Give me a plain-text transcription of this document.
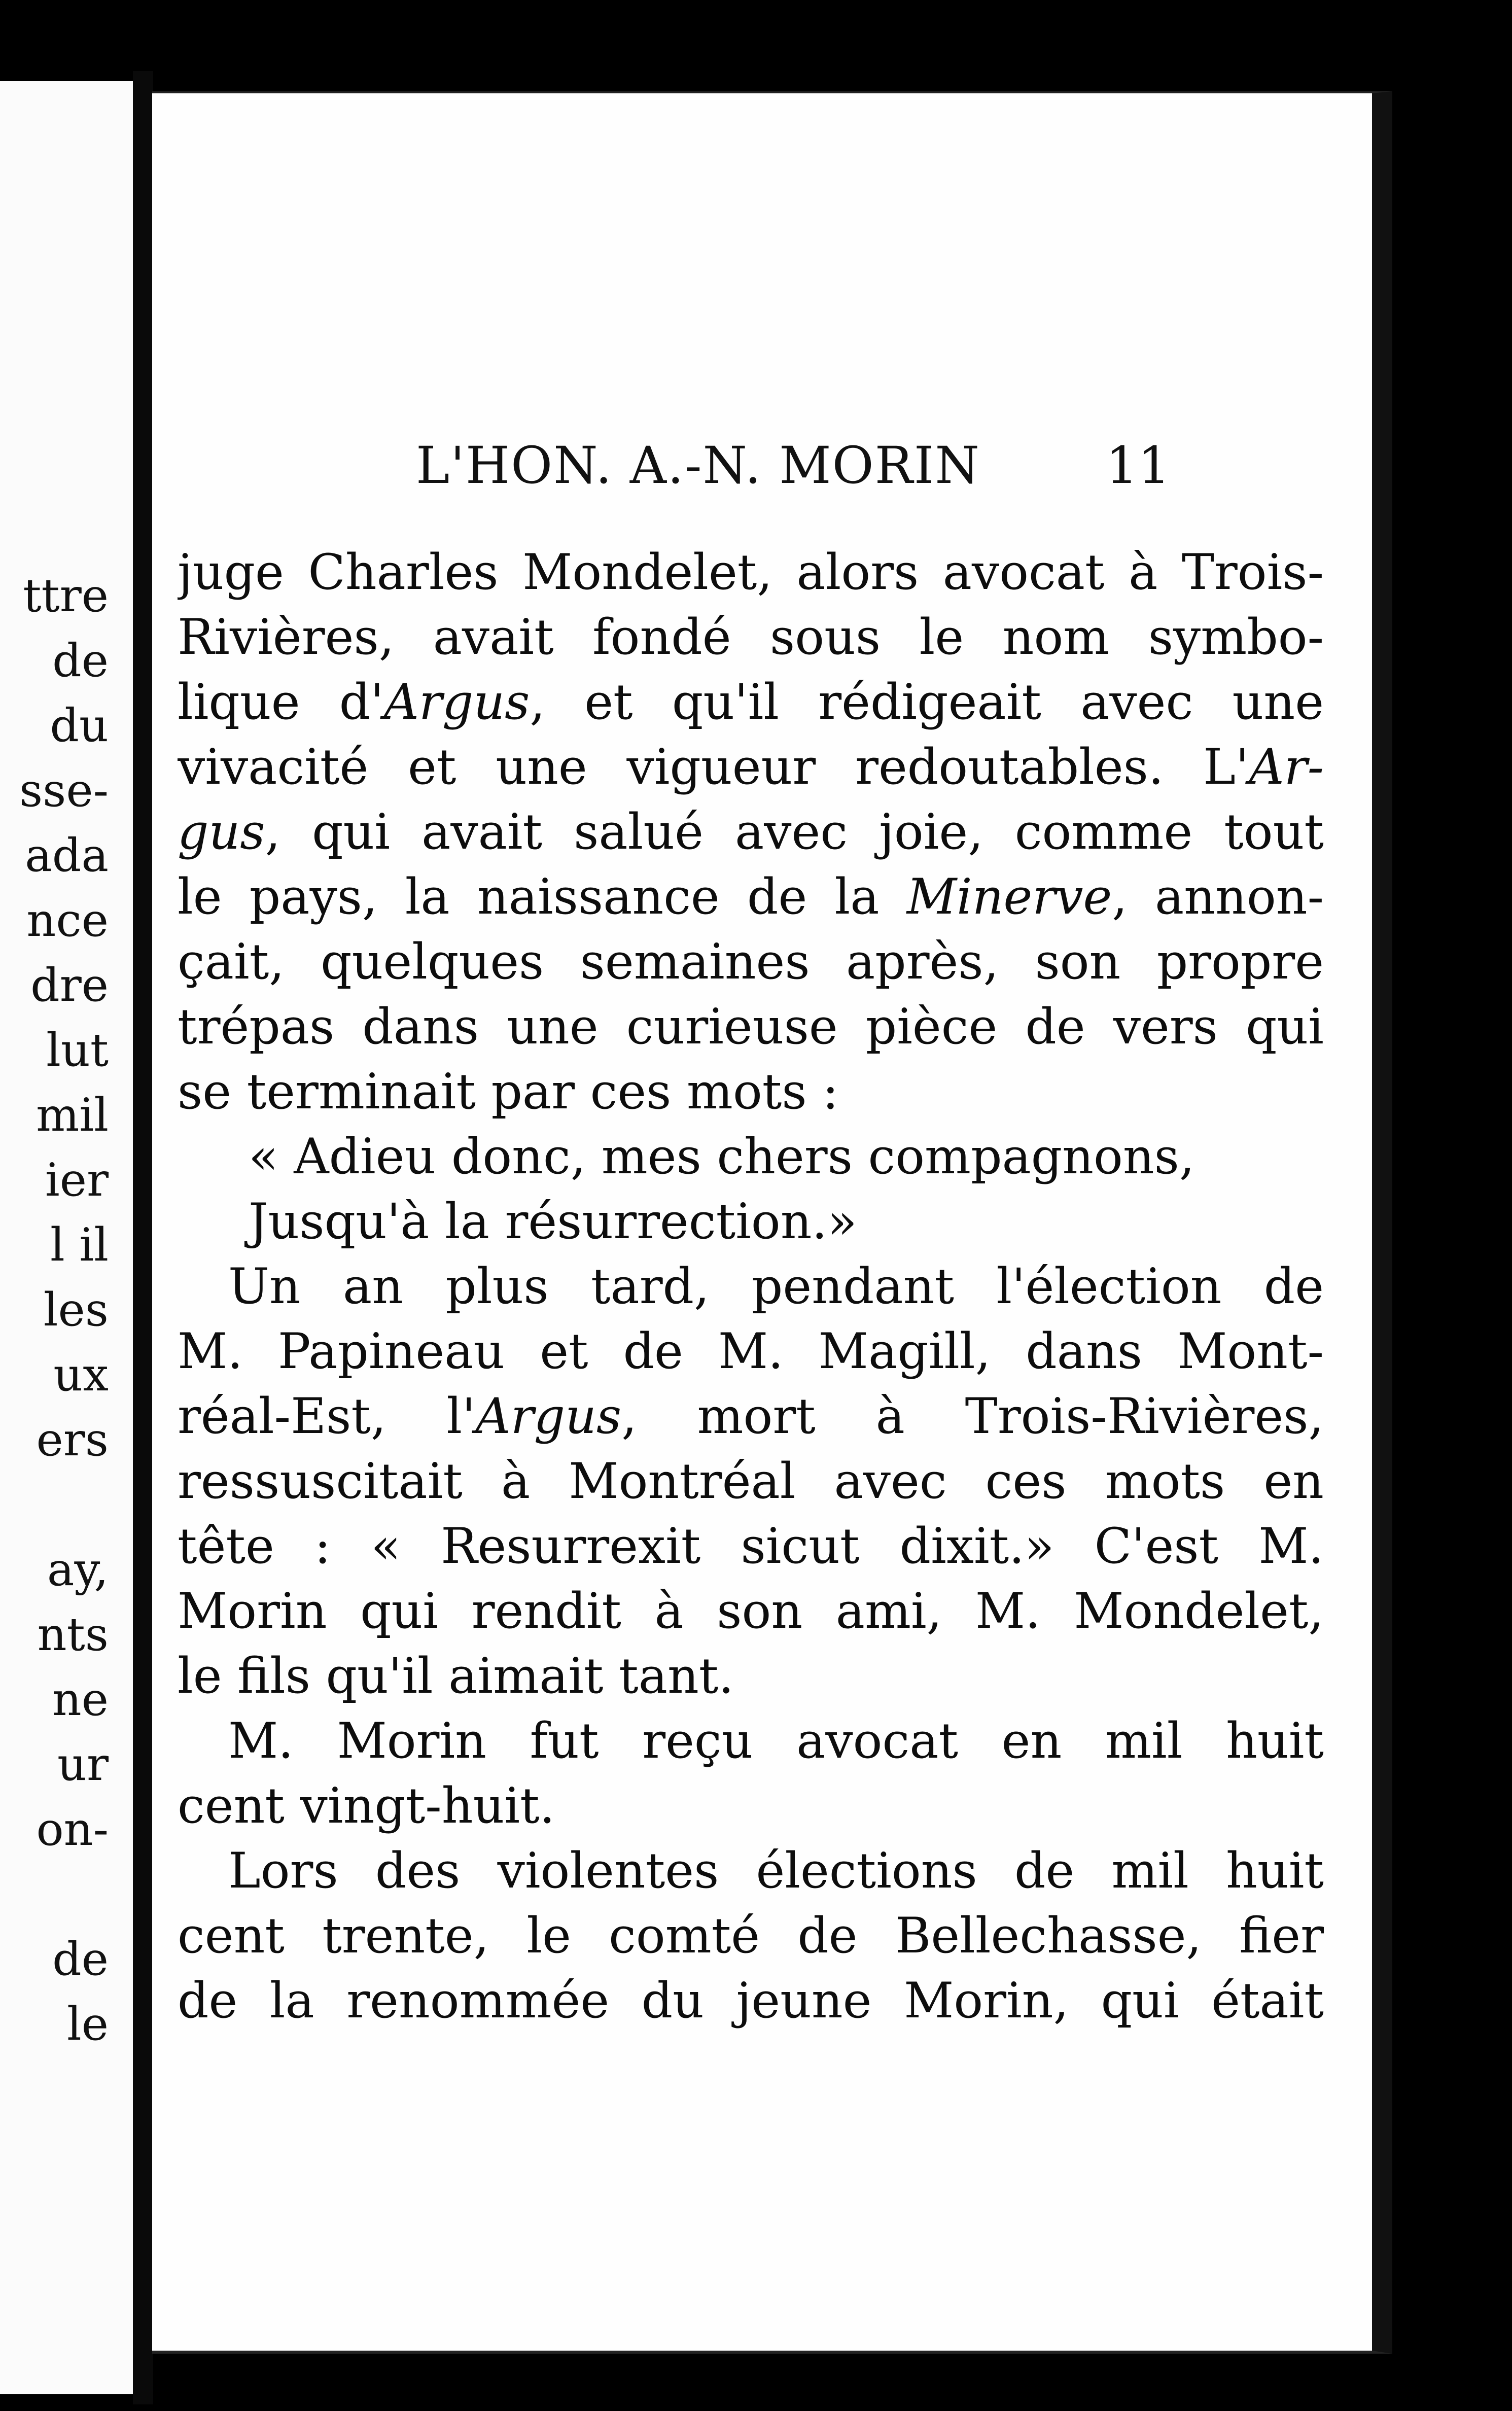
ttre
de
du
sse-
ada
nce
dre
lut
mil
ier
l il
les
ux
ers
ay,
nts
ne
ur
on-
de
le
L'HON. A.-N. MORIN 11
juge Charles Mondelet, alors avocat à Trois-
Rivières, avait fondé sous le nom symbo-
lique d'Argus, et qu'il rédigeait avec une
vivacité et une vigueur redoutables. L'Ar-
gus, qui avait salué avec joie, comme tout
le pays, la naissance de la Minerve, annon-
çait, quelques semaines après, son propre
trépas dans une curieuse pièce de vers qui
se terminait par ces mots :
« Adieu donc, mes chers compagnons,
Jusqu'à la résurrection.»
Un an plus tard, pendant l'élection de
M. Papineau et de M. Magill, dans Mont-
réal-Est, l'Argus, mort à Trois-Rivières,
ressuscitait à Montréal avec ces mots en
tête : « Resurrexit sicut dixit.» C'est M.
Morin qui rendit à son ami, M. Mondelet,
le fils qu'il aimait tant.
M. Morin fut reçu avocat en mil huit
cent vingt-huit.
Lors des violentes élections de mil huit
cent trente, le comté de Bellechasse, fier
de la renommée du jeune Morin, qui était
